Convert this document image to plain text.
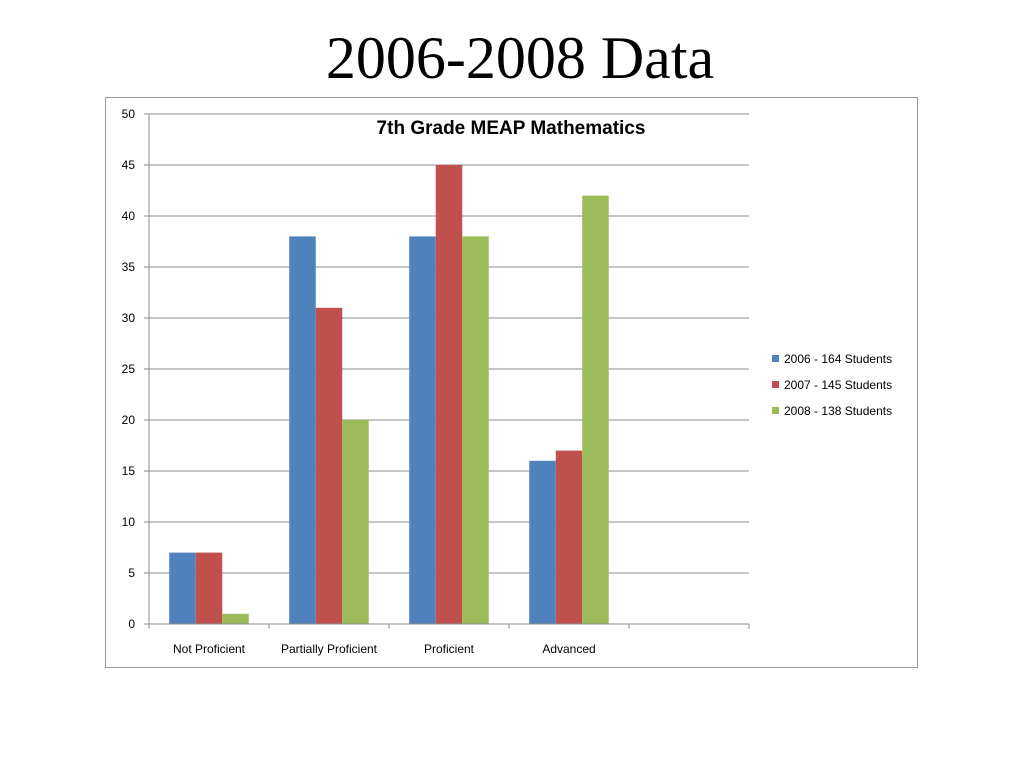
2006-2008 Data
7th Grade MEAP Mathematics
0
5
10
15
20
25
30
35
40
45
50
Not Proficient	Partially Proficient	Proficient	Advanced
2006 - 164 Students
2007 - 145 Students
2008 - 138 Students
